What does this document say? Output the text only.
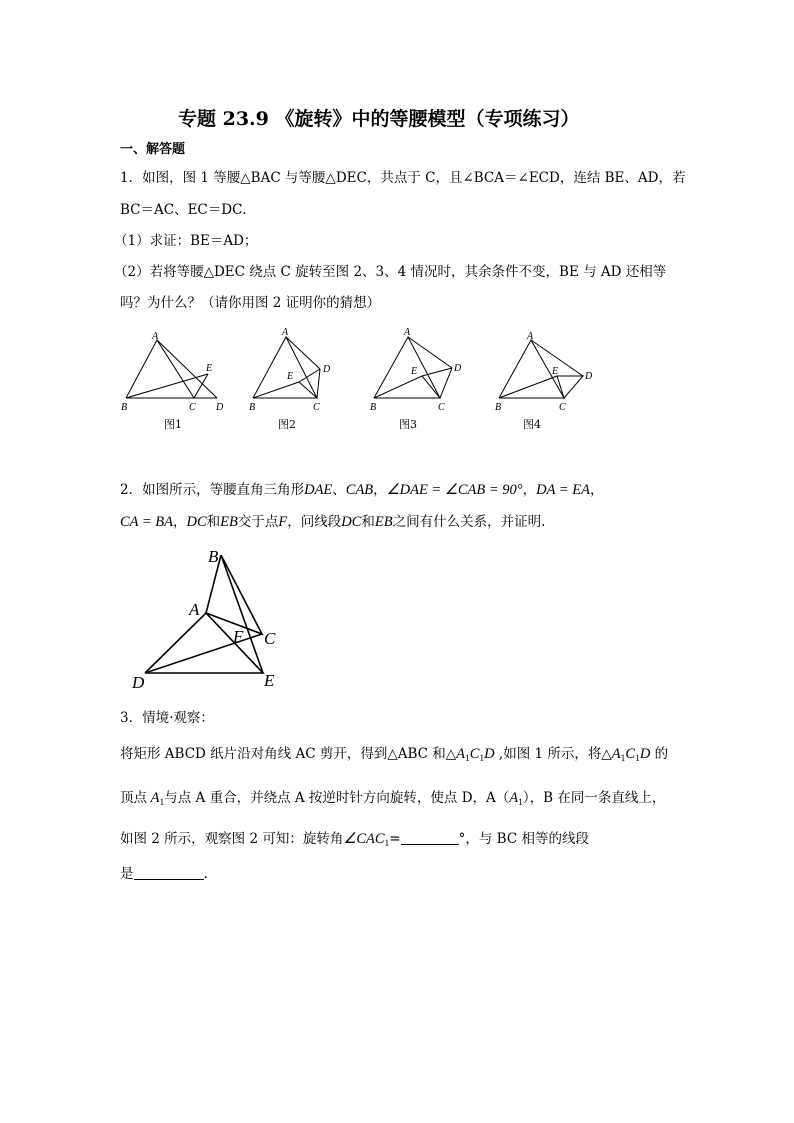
专题 23.9 《旋转》中的等腰模型（专项练习）
一、解答题
1．如图，图 1 等腰△BAC 与等腰△DEC，共点于 C，且∠BCA＝∠ECD，连结 BE、AD，若
BC＝AC、EC＝DC．
（1）求证：BE＝AD；
（2）若将等腰△DEC 绕点 C 旋转至图 2、3、4 情况时，其余条件不变，BE 与 AD 还相等
吗？为什么？（请你用图 2 证明你的猜想）
A
B	C D
E
A
B	C
D
E
A
B	C
D
E
A
B	C
D
E
图1	图2	图3	图4
2．如图所示，等腰直角三角形DAE、CAB，∠DAE = ∠CAB = 90°，DA = EA，
CA = BA，DC和EB交于点F，问线段DC和EB之间有什么关系，并证明.
B
A
F C
D	E
3．情境·观察：
将矩形 ABCD 纸片沿对角线 AC 剪开，得到△ABC 和$\triangle A_1C_1D$ ,如图 1 所示，将$\triangle A_1C_1D$ 的
顶点 $A_1$与点 A 重合，并绕点 A 按逆时针方向旋转，使点 D，$A(A_1)$，B 在同一条直线上，
如图 2 所示，观察图 2 可知：旋转角$\angle CAC_1=$	°，与 BC 相等的线段
是	.
